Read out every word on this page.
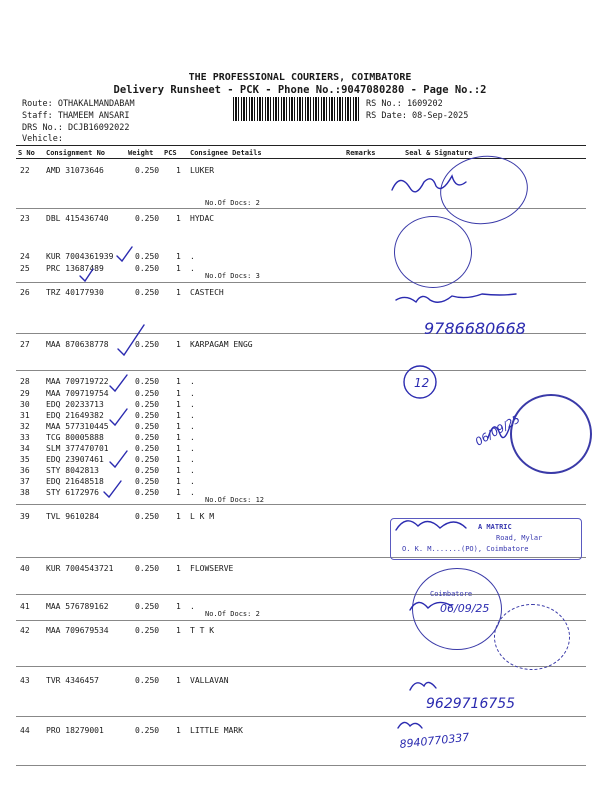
THE PROFESSIONAL COURIERS, COIMBATORE
Delivery Runsheet - PCK - Phone No.:9047080280 - Page No.:2
Route: OTHAKALMANDABAM
Staff: THAMEEM ANSARI
DRS No.: DCJB16092022
Vehicle:
RS No.: 1609202
RS Date: 08-Sep-2025
S No Consignment No	Weight PCS Consignee Details	Remarks	Seal & Signature
22 AMD 31073646	0.250 1 LUKER
23 DBL 415436740	0.250 1 HYDAC
24 KUR 7004361939	0.250 1 .
25 PRC 13687489	0.250 1 .
26 TRZ 40177930	0.250 1 CASTECH
27 MAA 870638778	0.250 1 KARPAGAM ENGG
28 MAA 709719722	0.250 1 .
29 MAA 709719754	0.250 1 .
30 EDQ 20233713	0.250 1 .
31 EDQ 21649382	0.250 1 .
32 MAA 577310445	0.250 1 .
33 TCG 80005888	0.250 1 .
34 SLM 377470701	0.250 1 .
35 EDQ 23907461	0.250 1 .
36 STY 8042813	0.250 1 .
37 EDQ 21648518	0.250 1 .
38 STY 6172976	0.250 1 .
39 TVL 9610284	0.250 1 L K M
40 KUR 7004543721	0.250 1 FLOWSERVE
41 MAA 576789162	0.250 1 .
42 MAA 709679534	0.250 1 T T K
43 TVR 4346457	0.250 1 VALLAVAN
44 PRO 18279001	0.250 1 LITTLE MARK
No.Of Docs: 2
No.Of Docs: 3
No.Of Docs: 12
No.Of Docs: 2
A MATRIC
Road, Mylar
O. K. M.......(PO), Coimbatore
Coimbatore
9786680668
12
06/09/25
06/09/25
9629716755
8940770337
